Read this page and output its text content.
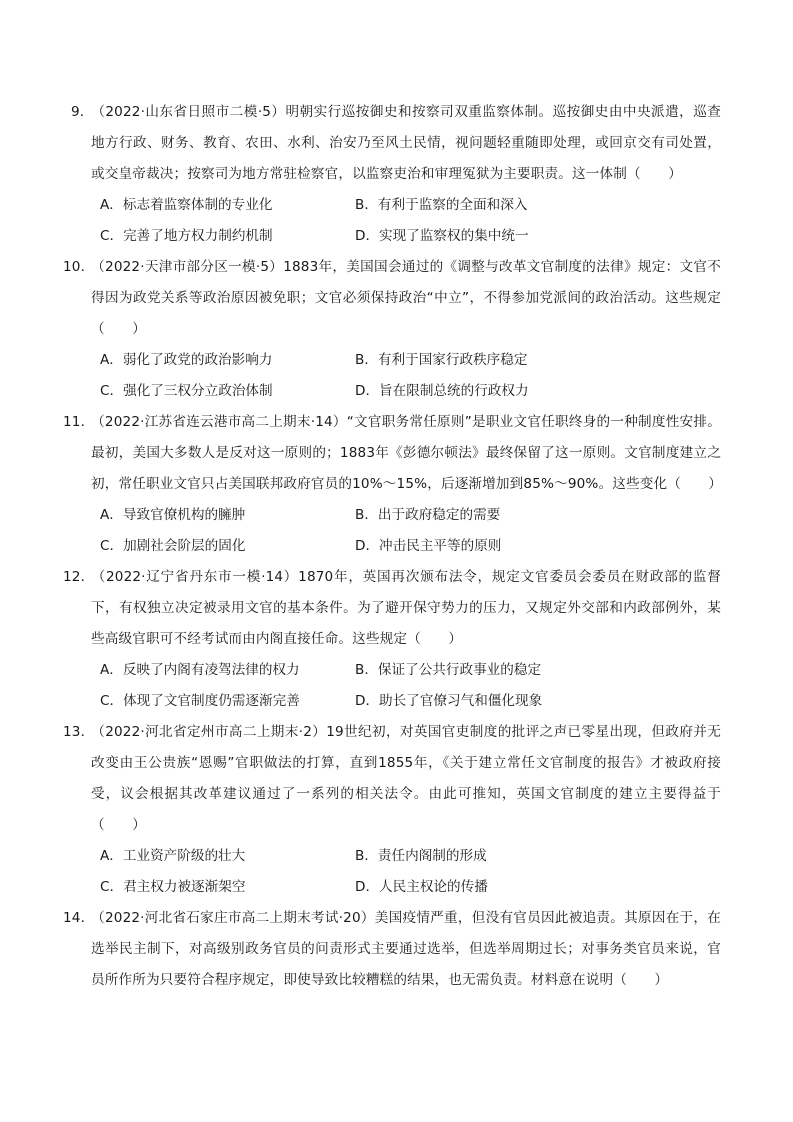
9．（2022·山东省日照市二模·5）明朝实行巡按御史和按察司双重监察体制。巡按御史由中央派遣，巡查地方行政、财务、教育、农田、水利、治安乃至风土民情，视问题轻重随即处理，或回京交有司处置，或交皇帝裁决；按察司为地方常驻检察官，以监察吏治和审理冤狱为主要职责。这一体制（　　）

A．标志着监察体制的专业化	B．有利于监察的全面和深入
C．完善了地方权力制约机制	D．实现了监察权的集中统一

10．（2022·天津市部分区一模·5）1883年，美国国会通过的《调整与改革文官制度的法律》规定：文官不得因为政党关系等政治原因被免职；文官必须保持政治“中立”，不得参加党派间的政治活动。这些规定（　　）

A．弱化了政党的政治影响力	B．有利于国家行政秩序稳定
C．强化了三权分立政治体制	D．旨在限制总统的行政权力

11．（2022·江苏省连云港市高二上期末·14）“文官职务常任原则”是职业文官任职终身的一种制度性安排。最初，美国大多数人是反对这一原则的；1883年《彭德尔顿法》最终保留了这一原则。文官制度建立之初，常任职业文官只占美国联邦政府官员的10%～15%，后逐渐增加到85%～90%。这些变化（　　）

A．导致官僚机构的臃肿	B．出于政府稳定的需要
C．加剧社会阶层的固化	D．冲击民主平等的原则

12．（2022·辽宁省丹东市一模·14）1870年，英国再次颁布法令，规定文官委员会委员在财政部的监督下，有权独立决定被录用文官的基本条件。为了避开保守势力的压力，又规定外交部和内政部例外，某些高级官职可不经考试而由内阁直接任命。这些规定（　　）

A．反映了内阁有凌驾法律的权力	B．保证了公共行政事业的稳定
C．体现了文官制度仍需逐渐完善	D．助长了官僚习气和僵化现象

13．（2022·河北省定州市高二上期末·2）19世纪初，对英国官吏制度的批评之声已零星出现，但政府并无改变由王公贵族“恩赐”官职做法的打算，直到1855年，《关于建立常任文官制度的报告》才被政府接受，议会根据其改革建议通过了一系列的相关法令。由此可推知，英国文官制度的建立主要得益于（　　）

A．工业资产阶级的壮大	B．责任内阁制的形成
C．君主权力被逐渐架空	D．人民主权论的传播

14．（2022·河北省石家庄市高二上期末考试·20）美国疫情严重，但没有官员因此被追责。其原因在于，在选举民主制下，对高级别政务官员的问责形式主要通过选举，但选举周期过长；对事务类官员来说，官员所作所为只要符合程序规定，即使导致比较糟糕的结果，也无需负责。材料意在说明（　　）
